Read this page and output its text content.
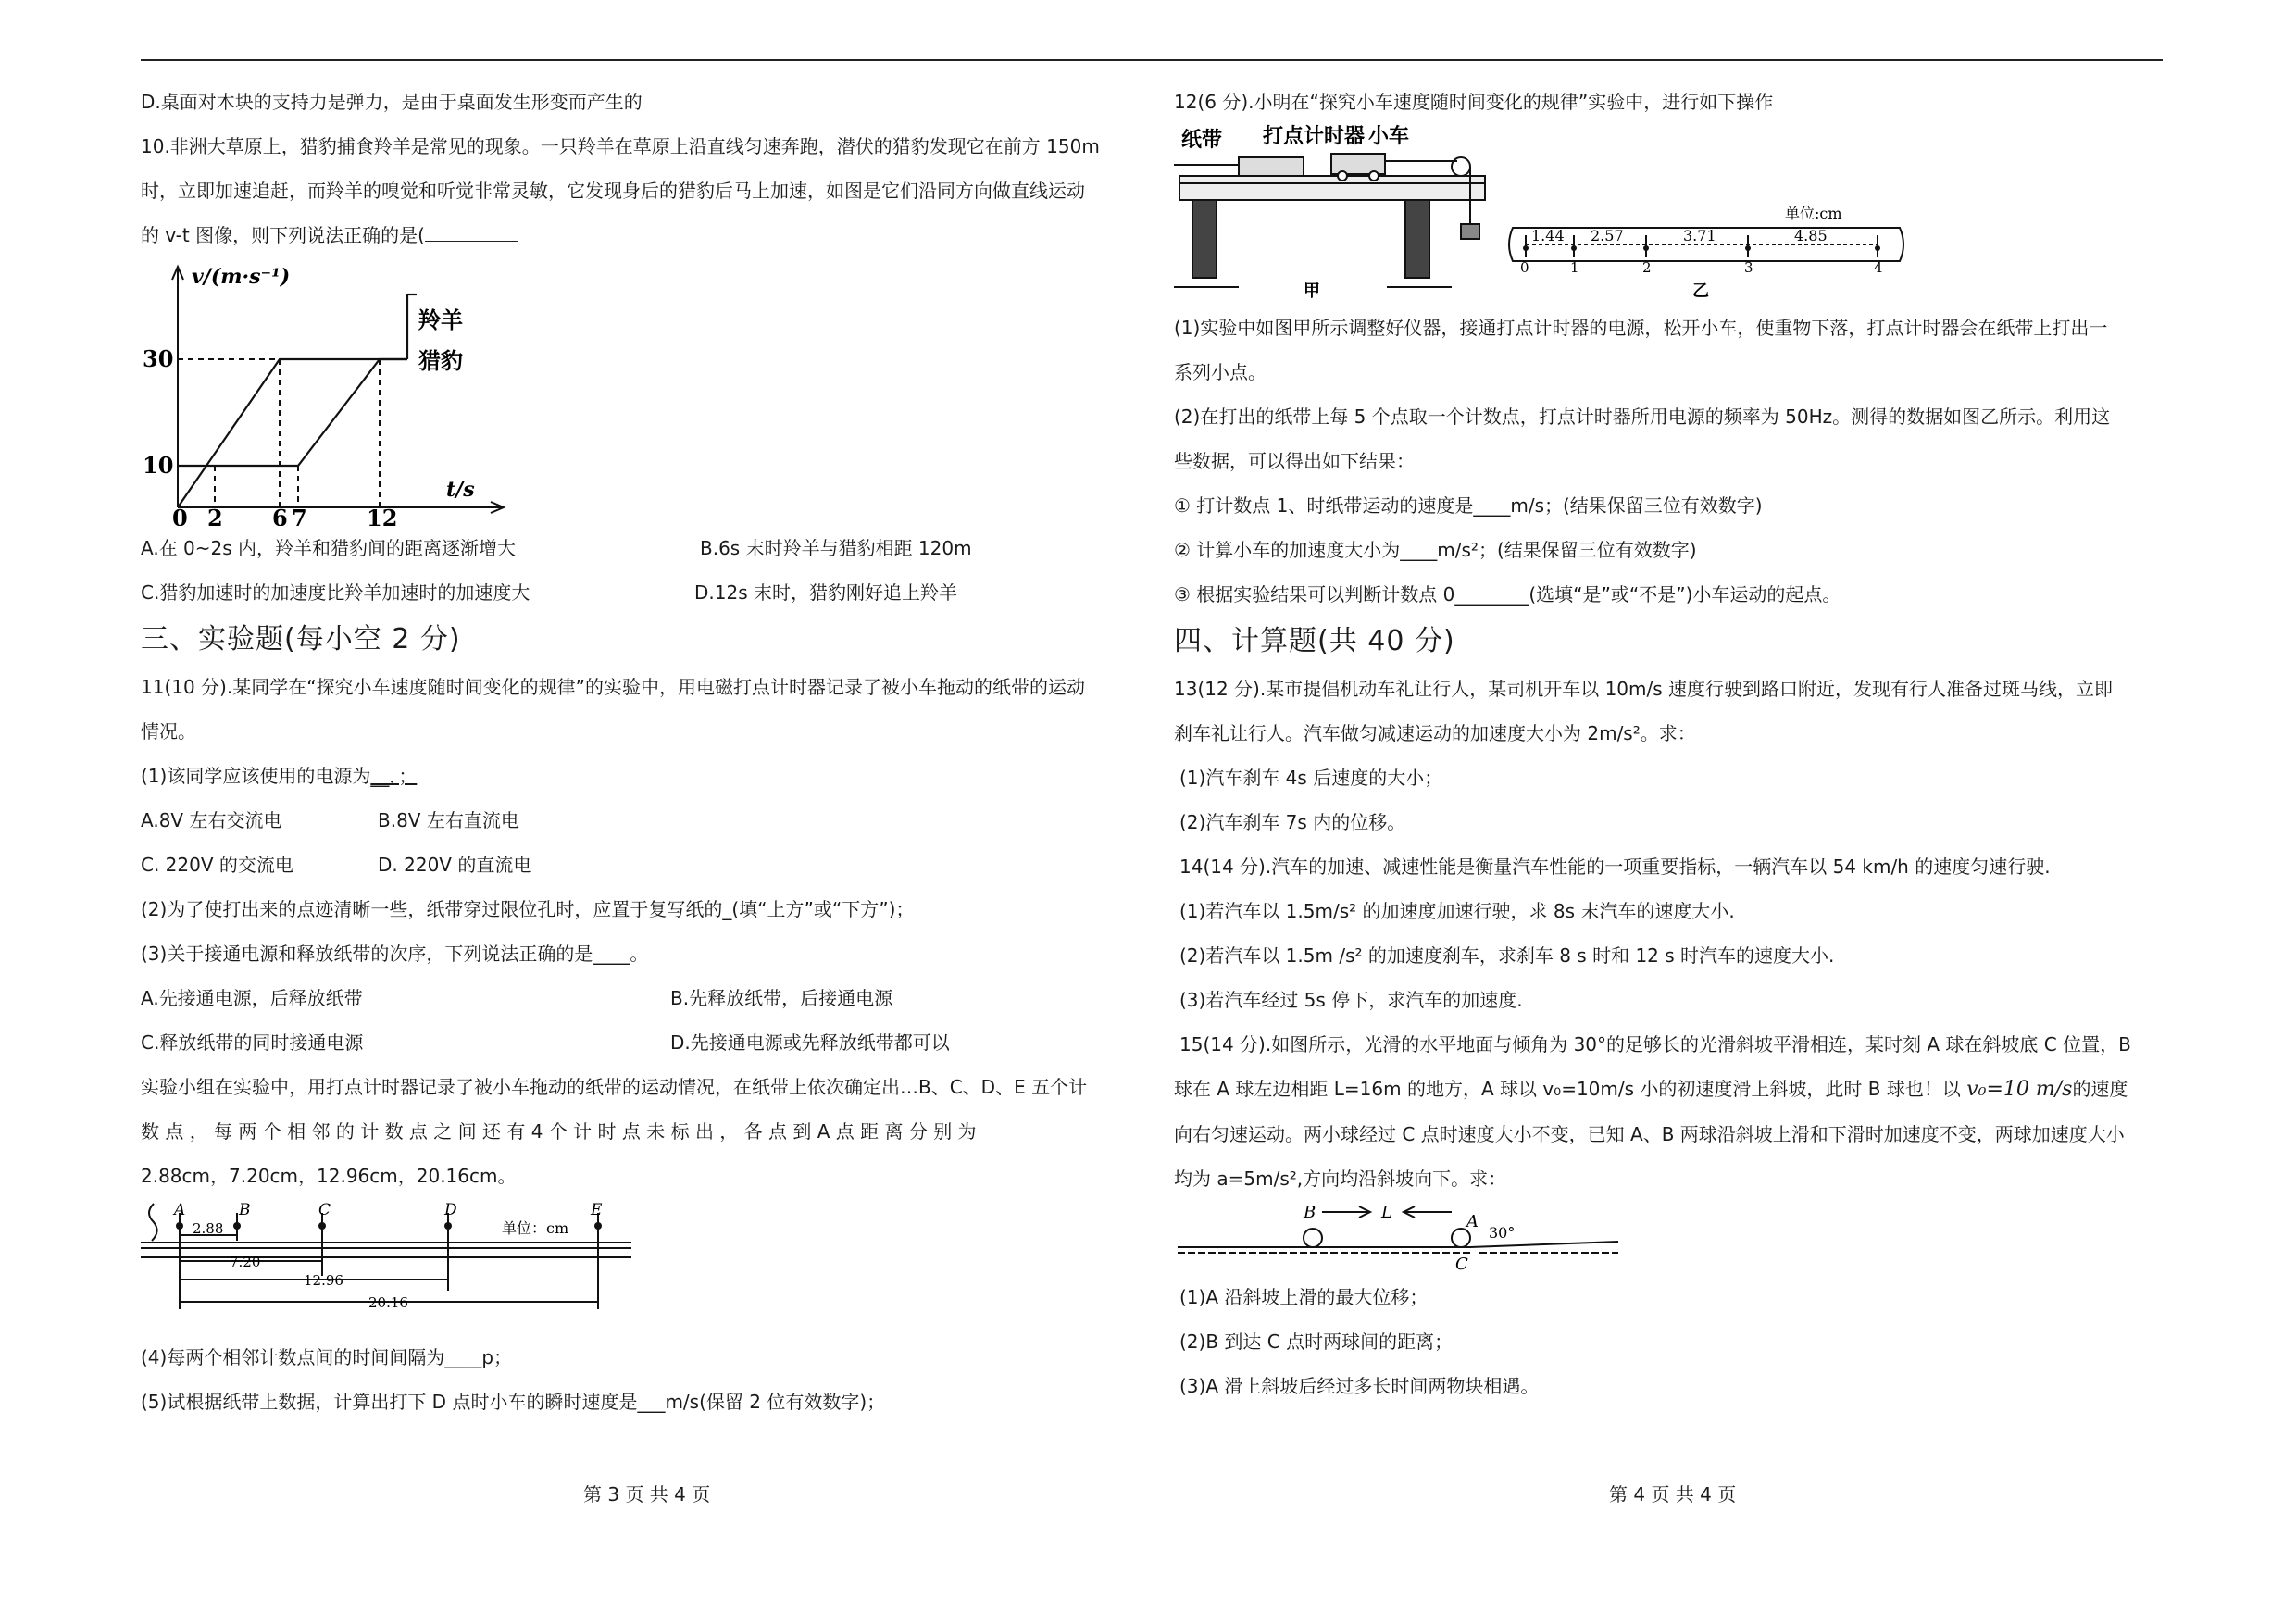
D.桌面对木块的支持力是弹力，是由于桌面发生形变而产生的

10.非洲大草原上，猎豹捕食羚羊是常见的现象。一只羚羊在草原上沿直线匀速奔跑，潜伏的猎豹发现它在前方 150m

时，立即加速追赶，而羚羊的嗅觉和听觉非常灵敏，它发现身后的猎豹后马上加速，如图是它们沿同方向做直线运动

的 v-t 图像，则下列说法正确的是(

v/(m·s⁻¹)
t/s
30
10
0 2 6 7	12
羚羊
猎豹
A.在 0~2s 内，羚羊和猎豹间的距离逐渐增大	B.6s 末时羚羊与猎豹相距 120m
C.猎豹加速时的加速度比羚羊加速时的加速度大	D.12s 末时，猎豹刚好追上羚羊
三、实验题(每小空 2 分)

11(10 分).某同学在“探究小车速度随时间变化的规律”的实验中，用电磁打点计时器记录了被小车拖动的纸带的运动

情况。

(1)该同学应该使用的电源为__．；

A.8V 左右交流电	B.8V 左右直流电
C. 220V 的交流电	D. 220V 的直流电

(2)为了使打出来的点迹清晰一些，纸带穿过限位孔时，应置于复写纸的_(填“上方”或“下方”)；

(3)关于接通电源和释放纸带的次序，下列说法正确的是____。

A.先接通电源，后释放纸带	B.先释放纸带，后接通电源
C.释放纸带的同时接通电源	D.先接通电源或先释放纸带都可以

实验小组在实验中，用打点计时器记录了被小车拖动的纸带的运动情况，在纸带上依次确定出…B、C、D、E 五个计

数 点 ， 每 两 个 相 邻 的 计 数 点 之 间 还 有 4 个 计 时 点 未 标 出 ， 各 点 到 A 点 距 离 分 别 为

2.88cm，7.20cm，12.96cm，20.16cm。

A	B	C	D	E
单位：cm
2.88
7.20
12.96
20.16

(4)每两个相邻计数点间的时间间隔为____p；

(5)试根据纸带上数据，计算出打下 D 点时小车的瞬时速度是___m/s(保留 2 位有效数字)；

第 3 页 共 4 页

12(6 分).小明在“探究小车速度随时间变化的规律”实验中，进行如下操作

纸带 打点计时器 小车
甲
单位:cm
1.44 2.57	3.71	4.85
0	1	2	3	4
乙

(1)实验中如图甲所示调整好仪器，接通打点计时器的电源，松开小车，使重物下落，打点计时器会在纸带上打出一

系列小点。

(2)在打出的纸带上每 5 个点取一个计数点，打点计时器所用电源的频率为 50Hz。测得的数据如图乙所示。利用这

些数据，可以得出如下结果：

① 打计数点 1、时纸带运动的速度是____m/s；(结果保留三位有效数字)

② 计算小车的加速度大小为____m/s²；(结果保留三位有效数字)

③ 根据实验结果可以判断计数点 0________(选填“是”或“不是”)小车运动的起点。

四、计算题(共 40 分)

13(12 分).某市提倡机动车礼让行人，某司机开车以 10m/s 速度行驶到路口附近，发现有行人准备过斑马线，立即

刹车礼让行人。汽车做匀减速运动的加速度大小为 2m/s²。求：

(1)汽车刹车 4s 后速度的大小；

(2)汽车刹车 7s 内的位移。

14(14 分).汽车的加速、减速性能是衡量汽车性能的一项重要指标，一辆汽车以 54 km/h 的速度匀速行驶.

(1)若汽车以 1.5m/s² 的加速度加速行驶，求 8s 末汽车的速度大小.

(2)若汽车以 1.5m /s² 的加速度刹车，求刹车 8 s 时和 12 s 时汽车的速度大小.

(3)若汽车经过 5s 停下，求汽车的加速度.

15(14 分).如图所示，光滑的水平地面与倾角为 30°的足够长的光滑斜坡平滑相连，某时刻 A 球在斜坡底 C 位置，B

球在 A 球左边相距 L=16m 的地方，A 球以 v₀=10m/s 小的初速度滑上斜坡，此时 B 球也！以 v₀=10 m/s的速度

向右匀速运动。两小球经过 C 点时速度大小不变，已知 A、B 两球沿斜坡上滑和下滑时加速度不变，两球加速度大小

均为 a=5m/s²,方向均沿斜坡向下。求：

B	A
C
L
30°

(1)A 沿斜坡上滑的最大位移；

(2)B 到达 C 点时两球间的距离；

(3)A 滑上斜坡后经过多长时间两物块相遇。

第 4 页 共 4 页
